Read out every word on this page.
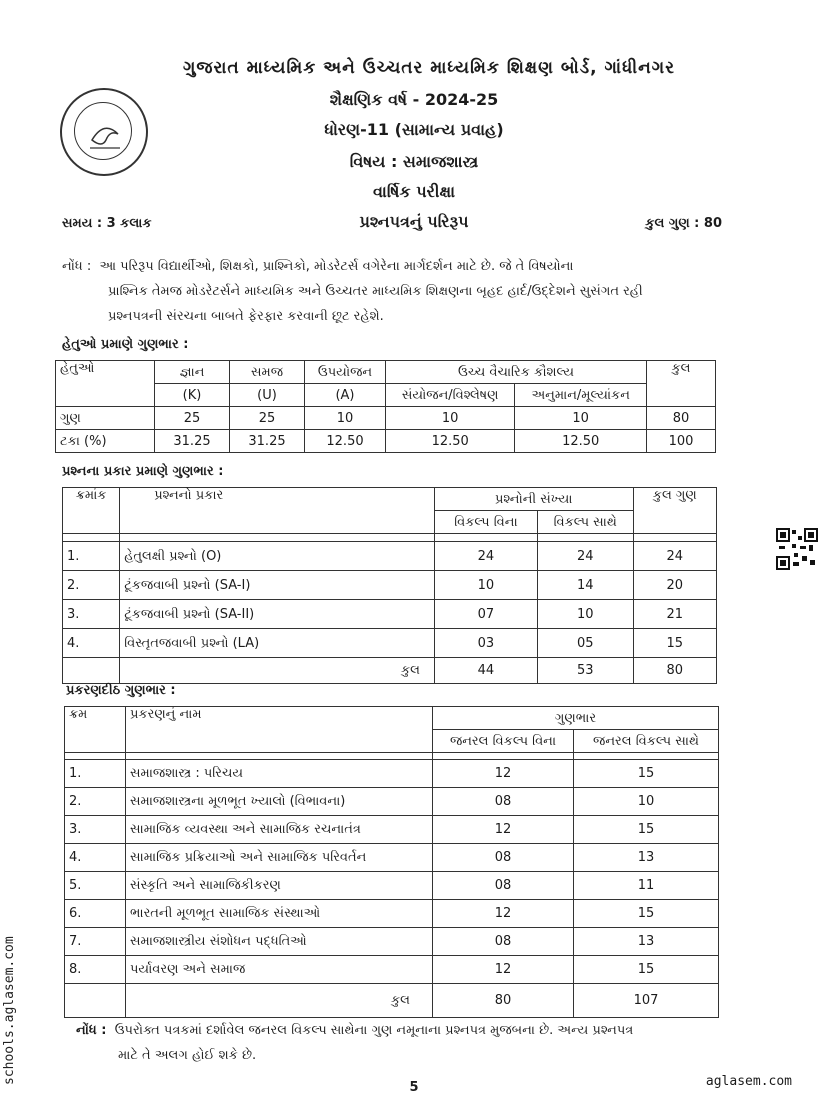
ગુજરાત માધ્યમિક અને ઉચ્ચતર માધ્યમિક શિક્ષણ બોર્ડ, ગાંધીનગર
શૈક્ષણિક વર્ષ - 2024-25
ધોરણ-11 (સામાન્ય પ્રવાહ)
વિષય : સમાજશાસ્ત્ર
વાર્ષિક પરીક્ષા
સમય : 3 કલાક	પ્રશ્નપત્રનું પરિરૂપ	કુલ ગુણ : 80
નોંધ : આ પરિરૂપ વિદ્યાર્થીઓ, શિક્ષકો, પ્રાશ્નિકો, મોડરેટર્સ વગેરેના માર્ગદર્શન માટે છે. જે તે વિષયોના
પ્રાશ્નિક તેમજ મોડરેટર્સને માધ્યમિક અને ઉચ્ચતર માધ્યમિક શિક્ષણના બૃહદ હાર્દ/ઉદ્દેશને સુસંગત રહી
પ્રશ્નપત્રની સંરચના બાબતે ફેરફાર કરવાની છૂટ રહેશે.
હેતુઓ પ્રમાણે ગુણભાર :
હેતુઓ	જ્ઞાન	સમજ	ઉપયોજન	ઉચ્ચ વૈચારિક કૌશલ્ય		કુલ
	(K)	(U)	(A)	સંયોજન/વિશ્લેષણ	અનુમાન/મૂલ્યાંકન	
ગુણ	25	25	10	10	10	80
ટકા (%)	31.25	31.25	12.50	12.50	12.50	100
પ્રશ્નના પ્રકાર પ્રમાણે ગુણભાર :
ક્રમાંક	પ્રશ્નનો પ્રકાર	પ્રશ્નોની સંખ્યા		કુલ ગુણ
		વિકલ્પ વિના	વિકલ્પ સાથે	

1.	હેતુલક્ષી પ્રશ્નો (O)	24	24	24
2.	ટૂંકજવાબી પ્રશ્નો (SA-I)	10	14	20
3.	ટૂંકજવાબી પ્રશ્નો (SA-II)	07	10	21
4.	વિસ્તૃતજવાબી પ્રશ્નો (LA)	03	05	15
	કુલ	44	53	80
પ્રકરણદીઠ ગુણભાર :
ક્રમ	પ્રકરણનું નામ	ગુણભાર	
		જનરલ વિકલ્પ વિના	જનરલ વિકલ્પ સાથે

1.	સમાજશાસ્ત્ર : પરિચય	12	15
2.	સમાજશાસ્ત્રના મૂળભૂત ખ્યાલો (વિભાવના)	08	10
3.	સામાજિક વ્યવસ્થા અને સામાજિક રચનાતંત્ર	12	15
4.	સામાજિક પ્રક્રિયાઓ અને સામાજિક પરિવર્તન	08	13
5.	સંસ્કૃતિ અને સામાજિકીકરણ	08	11
6.	ભારતની મૂળભૂત સામાજિક સંસ્થાઓ	12	15
7.	સમાજશાસ્ત્રીય સંશોધન પદ્ધતિઓ	08	13
8.	પર્યાવરણ અને સમાજ	12	15
	કુલ	80	107
નોંધ : ઉપરોક્ત પત્રકમાં દર્શાવેલ જનરલ વિકલ્પ સાથેના ગુણ નમૂનાના પ્રશ્નપત્ર મુજબના છે. અન્ય પ્રશ્નપત્ર
માટે તે અલગ હોઈ શકે છે.
schools.aglasem.com
5	aglasem.com
